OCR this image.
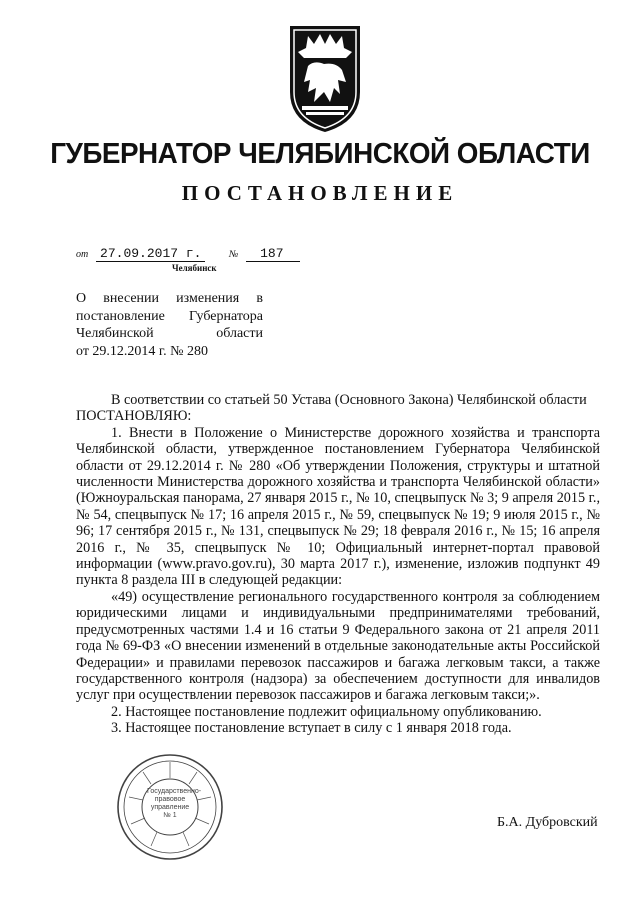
ГУБЕРНАТОР ЧЕЛЯБИНСКОЙ ОБЛАСТИ
ПОСТАНОВЛЕНИЕ
от 27.09.2017 г.	№ 187
Челябинск
О внесении изменения в
постановление Губернатора
Челябинской области
от 29.12.2014 г. № 280

В соответствии со статьей 50 Устава (Основного Закона) Челябинской области

ПОСТАНОВЛЯЮ:

1. Внести в Положение о Министерстве дорожного хозяйства и транспорта Челябинской области, утвержденное постановлением Губернатора Челябинской области от 29.12.2014 г. № 280 «Об утверждении Положения, структуры и штатной численности Министерства дорожного хозяйства и транспорта Челябинской области» (Южноуральская панорама, 27 января 2015 г., № 10, спецвыпуск № 3; 9 апреля 2015 г., № 54, спецвыпуск № 17; 16 апреля 2015 г., № 59, спецвыпуск № 19; 9 июля 2015 г., № 96; 17 сентября 2015 г., № 131, спецвыпуск № 29; 18 февраля 2016 г., № 15; 16 апреля 2016 г., № 35, спецвыпуск № 10; Официальный интернет-портал правовой информации (www.pravo.gov.ru), 30 марта 2017 г.), изменение, изложив подпункт 49 пункта 8 раздела III в следующей редакции:

«49) осуществление регионального государственного контроля за соблюдением юридическими лицами и индивидуальными предпринимателями требований, предусмотренных частями 1.4 и 16 статьи 9 Федерального закона от 21 апреля 2011 года № 69-ФЗ «О внесении изменений в отдельные законодательные акты Российской Федерации» и правилами перевозок пассажиров и багажа легковым такси, а также государственного контроля (надзора) за обеспечением доступности для инвалидов услуг при осуществлении перевозок пассажиров и багажа легковым такси;».

2. Настоящее постановление подлежит официальному опубликованию.

3. Настоящее постановление вступает в силу с 1 января 2018 года.

Государственно-правовое управление № 1	Б.А. Дубровский
